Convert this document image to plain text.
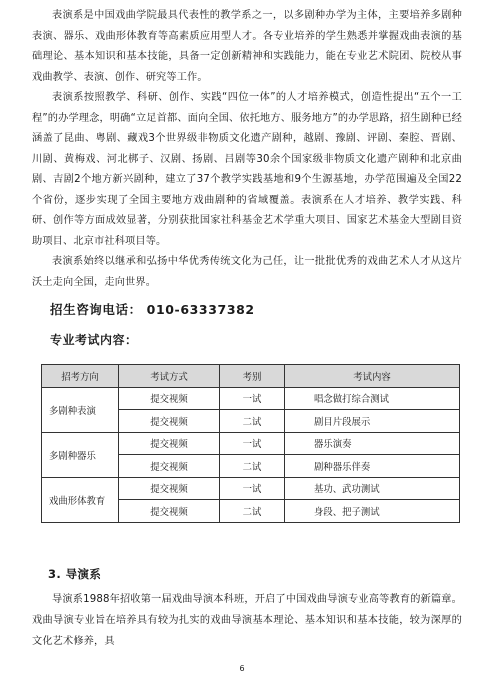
表演系是中国戏曲学院最具代表性的教学系之一，以多剧种办学为主体，主要培养多剧种表演、器乐、戏曲形体教育等高素质应用型人才。各专业培养的学生熟悉并掌握戏曲表演的基础理论、基本知识和基本技能，具备一定创新精神和实践能力，能在专业艺术院团、院校从事戏曲教学、表演、创作、研究等工作。

表演系按照教学、科研、创作、实践“四位一体”的人才培养模式，创造性提出“五个一工程”的办学理念，明确“立足首都、面向全国、依托地方、服务地方”的办学思路，招生剧种已经涵盖了昆曲、粤剧、藏戏3个世界级非物质文化遗产剧种，越剧、豫剧、评剧、秦腔、晋剧、川剧、黄梅戏、河北梆子、汉剧、扬剧、吕剧等30余个国家级非物质文化遗产剧种和北京曲剧、吉剧2个地方新兴剧种，建立了37个教学实践基地和9个生源基地，办学范围遍及全国22个省份，逐步实现了全国主要地方戏曲剧种的省域覆盖。表演系在人才培养、教学实践、科研、创作等方面成效显著，分别获批国家社科基金艺术学重大项目、国家艺术基金大型剧目资助项目、北京市社科项目等。

表演系始终以继承和弘扬中华优秀传统文化为己任，让一批批优秀的戏曲艺术人才从这片沃土走向全国，走向世界。

招生咨询电话： 010-63337382
专业考试内容：
招考方向	考试方式	考别	考试内容
多剧种表演	提交视频	一试	唱念做打综合测试
	提交视频	二试	剧目片段展示
多剧种器乐	提交视频	一试	器乐演奏
	提交视频	二试	剧种器乐伴奏
戏曲形体教育	提交视频	一试	基功、武功测试
	提交视频	二试	身段、把子测试
3. 导演系

导演系1988年招收第一届戏曲导演本科班，开启了中国戏曲导演专业高等教育的新篇章。戏曲导演专业旨在培养具有较为扎实的戏曲导演基本理论、基本知识和基本技能，较为深厚的文化艺术修养，具

6
